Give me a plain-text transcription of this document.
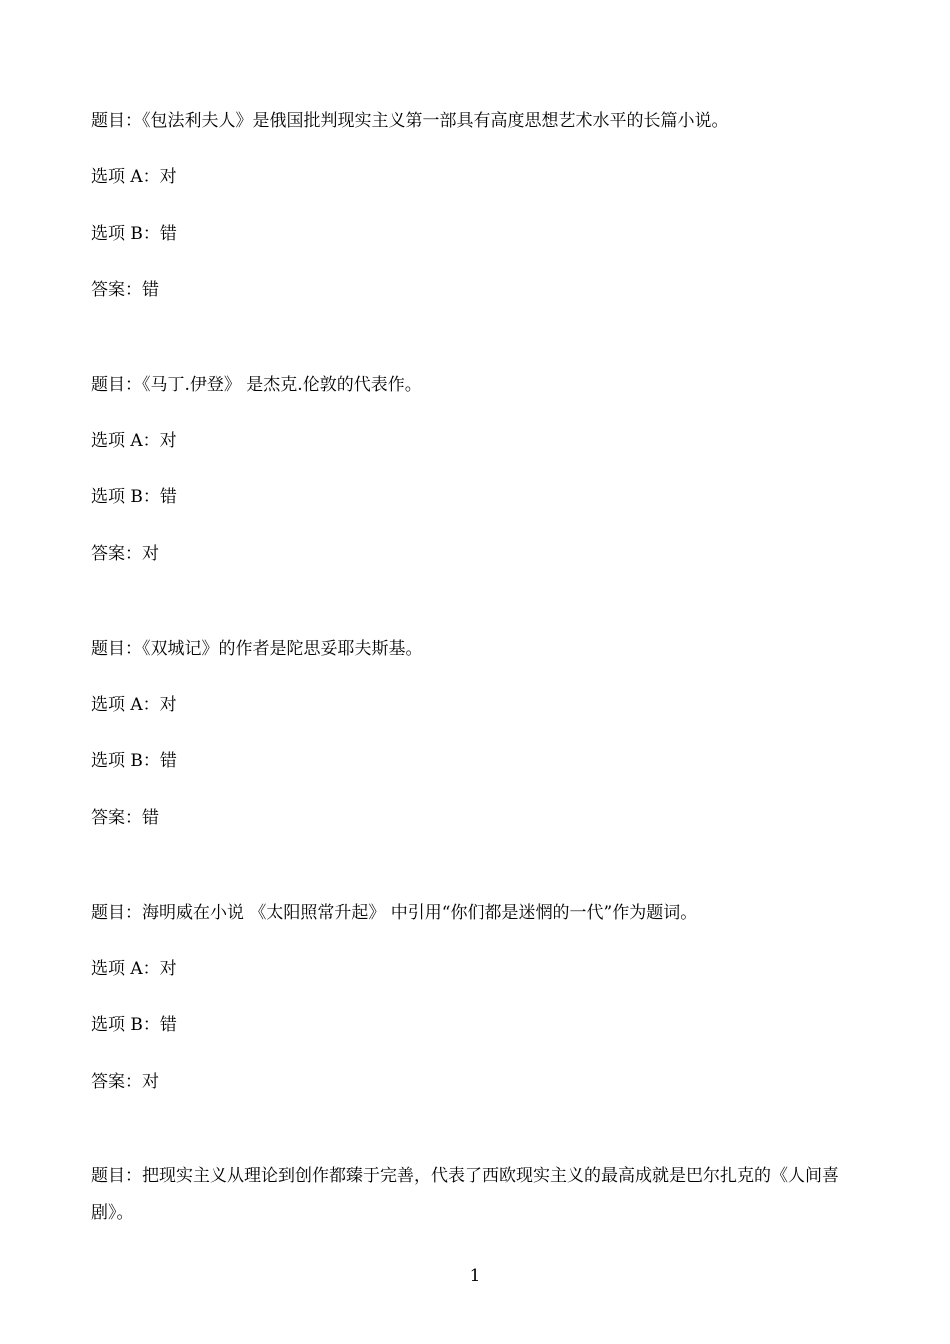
题目：《包法利夫人》是俄国批判现实主义第一部具有高度思想艺术水平的长篇小说。
选项 A：对
选项 B：错
答案：错
题目：《马丁.伊登》 是杰克.伦敦的代表作。
选项 A：对
选项 B：错
答案：对
题目：《双城记》的作者是陀思妥耶夫斯基。
选项 A：对
选项 B：错
答案：错
题目：海明威在小说 《太阳照常升起》 中引用“你们都是迷惘的一代”作为题词。
选项 A：对
选项 B：错
答案：对
题目：把现实主义从理论到创作都臻于完善，代表了西欧现实主义的最高成就是巴尔扎克的《人间喜剧》。
1
